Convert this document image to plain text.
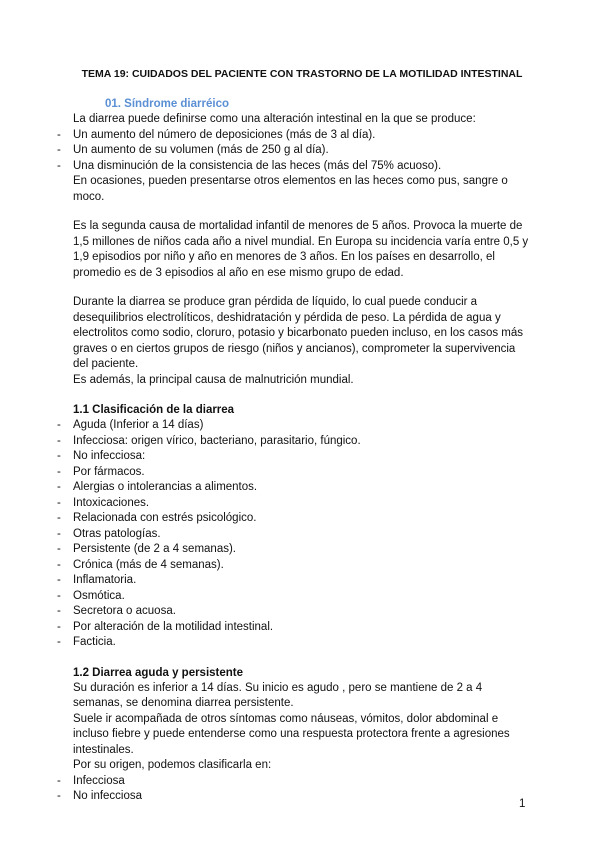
TEMA 19: CUIDADOS DEL PACIENTE CON TRASTORNO DE LA MOTILIDAD INTESTINAL
01. Síndrome diarréico
La diarrea puede definirse como una alteración intestinal en la que se produce:
- Un aumento del número de deposiciones (más de 3 al día).
- Un aumento de su volumen (más de 250 g al día).
- Una disminución de la consistencia de las heces (más del 75% acuoso).
En ocasiones, pueden presentarse otros elementos en las heces como pus, sangre o moco.
Es la segunda causa de mortalidad infantil de menores de 5 años. Provoca la muerte de 1,5 millones de niños cada año a nivel mundial. En Europa su incidencia varía entre 0,5 y 1,9 episodios por niño y año en menores de 3 años. En los países en desarrollo, el promedio es de 3 episodios al año en ese mismo grupo de edad.
Durante la diarrea se produce gran pérdida de líquido, lo cual puede conducir a desequilibrios electrolíticos, deshidratación y pérdida de peso. La pérdida de agua y electrolitos como sodio, cloruro, potasio y bicarbonato pueden incluso, en los casos más graves o en ciertos grupos de riesgo (niños y ancianos), comprometer la supervivencia del paciente.
Es además, la principal causa de malnutrición mundial.
1.1 Clasificación de la diarrea
- Aguda (Inferior a 14 días)
- Infecciosa: origen vírico, bacteriano, parasitario, fúngico.
- No infecciosa:
- Por fármacos.
- Alergias o intolerancias a alimentos.
- Intoxicaciones.
- Relacionada con estrés psicológico.
- Otras patologías.
- Persistente (de 2 a 4 semanas).
- Crónica (más de 4 semanas).
- Inflamatoria.
- Osmótica.
- Secretora o acuosa.
- Por alteración de la motilidad intestinal.
- Facticia.
1.2 Diarrea aguda y persistente
Su duración es inferior a 14 días. Su inicio es agudo , pero se mantiene de 2 a 4 semanas, se denomina diarrea persistente.
Suele ir acompañada de otros síntomas como náuseas, vómitos, dolor abdominal e incluso fiebre y puede entenderse como una respuesta protectora frente a agresiones intestinales.
Por su origen, podemos clasificarla en:
- Infecciosa
- No infecciosa
1
